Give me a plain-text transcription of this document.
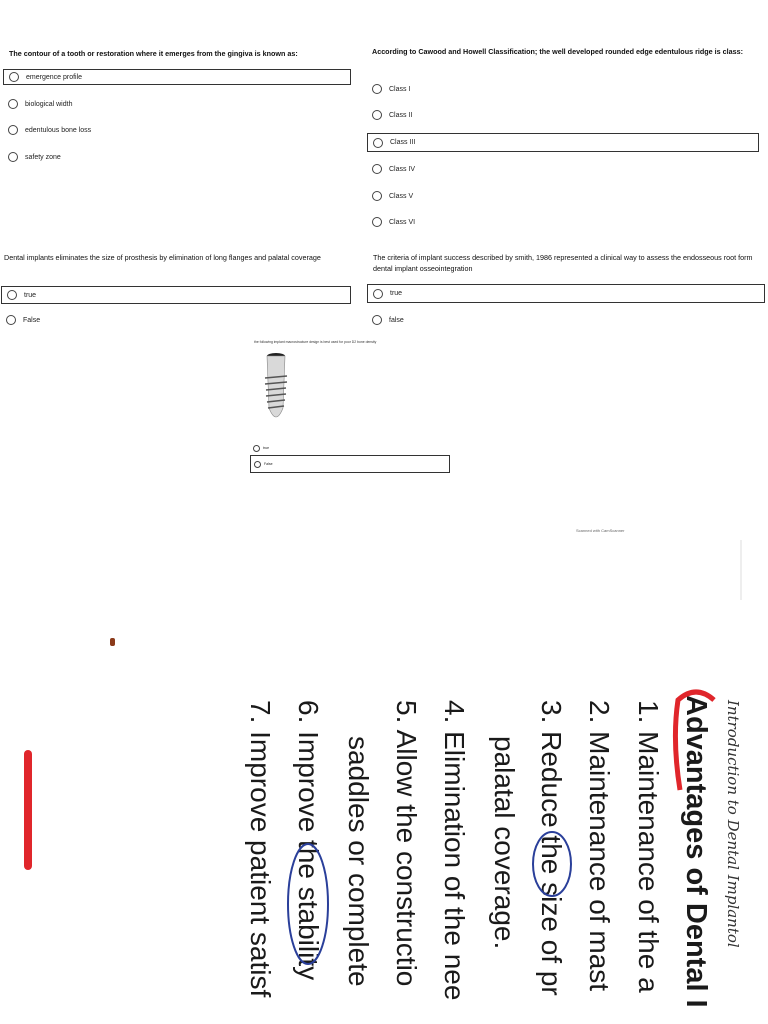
The contour of a tooth or restoration where it emerges from the gingiva is known as:
emergence profile
biological width
edentulous bone loss
safety zone
According to Cawood and Howell Classification; the well developed rounded edge edentulous ridge is class:
Class I
Class II
Class III
Class IV
Class V
Class VI
Dental implants eliminates the size of prosthesis by elimination of long flanges and palatal coverage
true
False
The criteria of implant success described by smith, 1986 represented a clinical way to assess the endosseous root form dental implant osseointegration
true
false
the following implant macrostructure design is best used for poor D2 bone density
true
False
Scanned with CamScanner
Introduction to Dental Implantol
Advantages of Dental I
1. Maintenance of the a
2. Maintenance of mast
3. Reduce the size of pr
palatal coverage.
4. Elimination of the nee
5. Allow the constructio
saddles or complete
6. Improve the stability
7. Improve patient satisf
